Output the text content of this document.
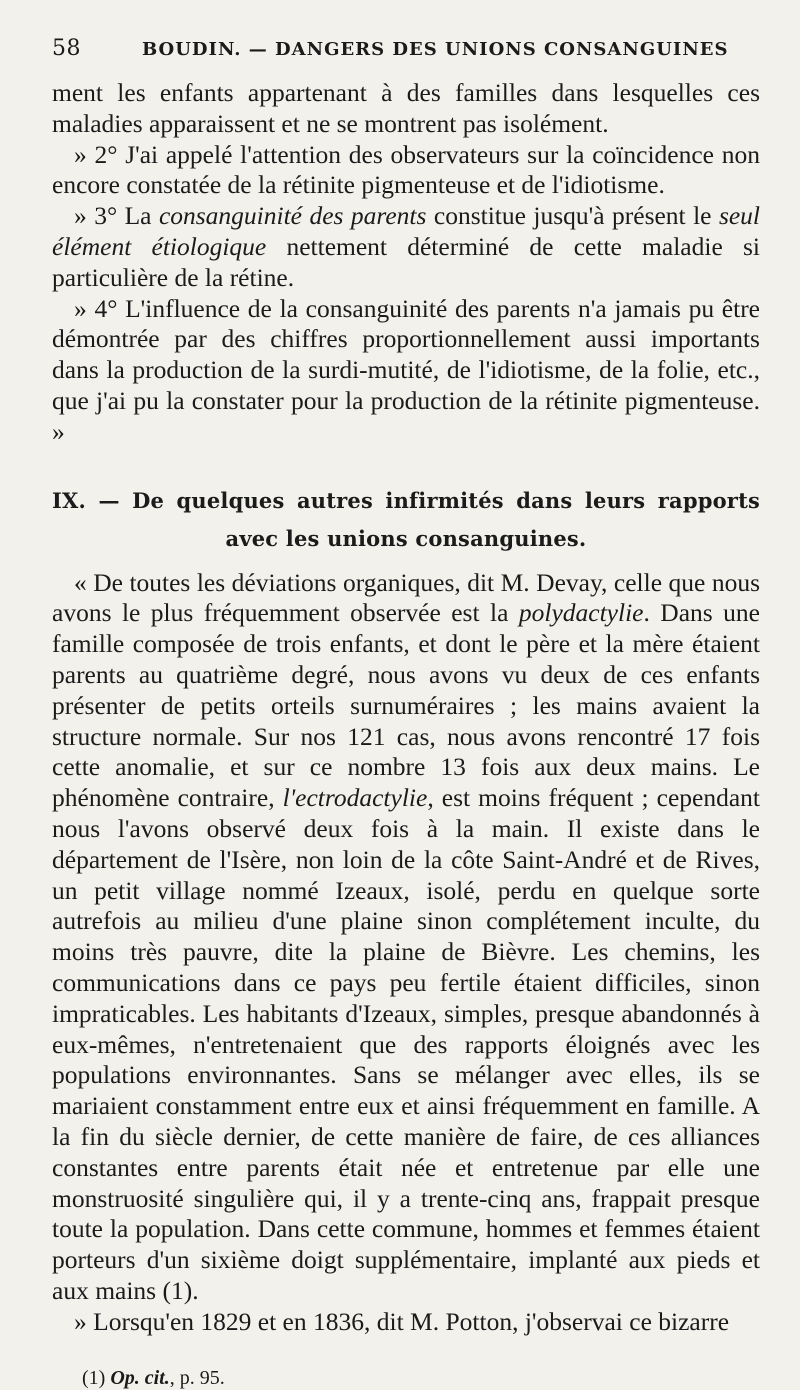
58	BOUDIN. — DANGERS DES UNIONS CONSANGUINES

ment les enfants appartenant à des familles dans lesquelles ces maladies apparaissent et ne se montrent pas isolément.

» 2° J'ai appelé l'attention des observateurs sur la coïncidence non encore constatée de la rétinite pigmenteuse et de l'idiotisme.

» 3° La consanguinité des parents constitue jusqu'à présent le seul élément étiologique nettement déterminé de cette maladie si particulière de la rétine.

» 4° L'influence de la consanguinité des parents n'a jamais pu être démontrée par des chiffres proportionnellement aussi importants dans la production de la surdi-mutité, de l'idiotisme, de la folie, etc., que j'ai pu la constater pour la production de la rétinite pigmenteuse. »

IX. — De quelques autres infirmités dans leurs rapports
avec les unions consanguines.

« De toutes les déviations organiques, dit M. Devay, celle que nous avons le plus fréquemment observée est la polydactylie. Dans une famille composée de trois enfants, et dont le père et la mère étaient parents au quatrième degré, nous avons vu deux de ces enfants présenter de petits orteils surnuméraires ; les mains avaient la structure normale. Sur nos 121 cas, nous avons rencontré 17 fois cette anomalie, et sur ce nombre 13 fois aux deux mains. Le phénomène contraire, l'ectrodactylie, est moins fréquent ; cependant nous l'avons observé deux fois à la main. Il existe dans le département de l'Isère, non loin de la côte Saint-André et de Rives, un petit village nommé Izeaux, isolé, perdu en quelque sorte autrefois au milieu d'une plaine sinon complétement inculte, du moins très pauvre, dite la plaine de Bièvre. Les chemins, les communications dans ce pays peu fertile étaient difficiles, sinon impraticables. Les habitants d'Izeaux, simples, presque abandonnés à eux-mêmes, n'entretenaient que des rapports éloignés avec les populations environnantes. Sans se mélanger avec elles, ils se mariaient constamment entre eux et ainsi fréquemment en famille. A la fin du siècle dernier, de cette manière de faire, de ces alliances constantes entre parents était née et entretenue par elle une monstruosité singulière qui, il y a trente-cinq ans, frappait presque toute la population. Dans cette commune, hommes et femmes étaient porteurs d'un sixième doigt supplémentaire, implanté aux pieds et aux mains (1).

» Lorsqu'en 1829 et en 1836, dit M. Potton, j'observai ce bizarre

(1) Op. cit., p. 95.
